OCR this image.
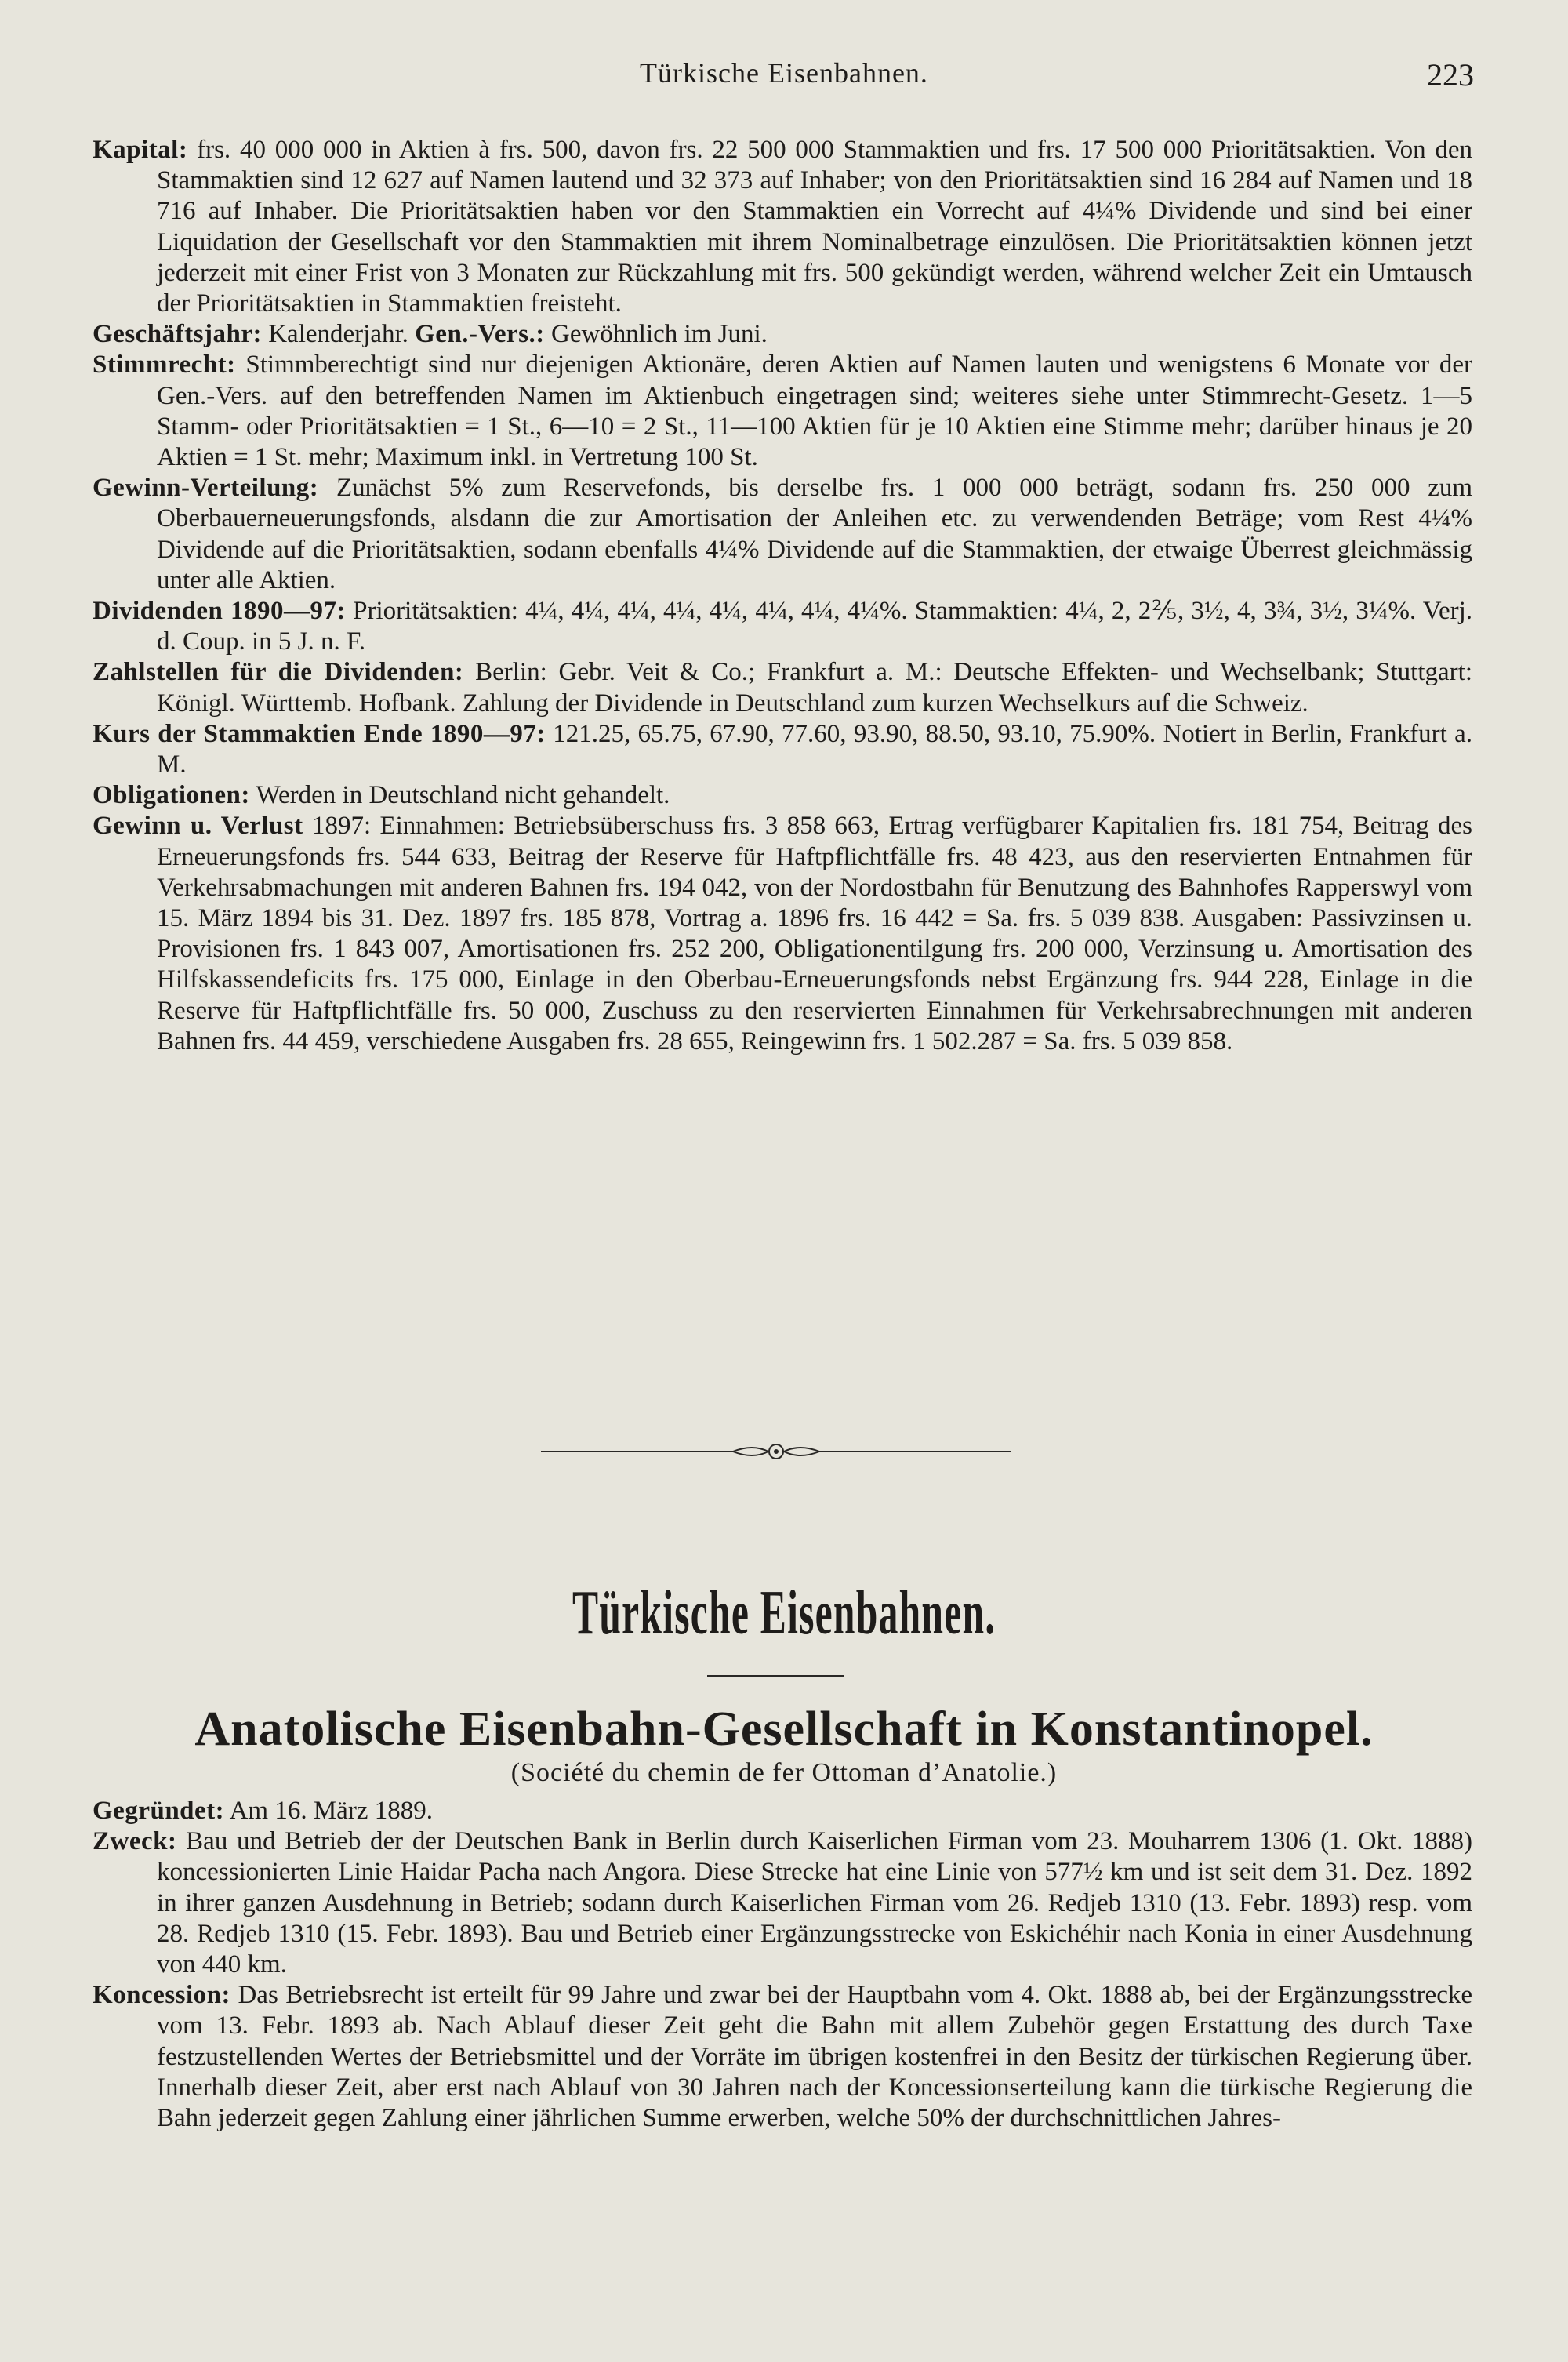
Türkische Eisenbahnen.	223
Kapital: frs. 40 000 000 in Aktien à frs. 500, davon frs. 22 500 000 Stammaktien und frs. 17 500 000 Prioritätsaktien. Von den Stammaktien sind 12 627 auf Namen lautend und 32 373 auf Inhaber; von den Prioritätsaktien sind 16 284 auf Namen und 18 716 auf Inhaber. Die Prioritätsaktien haben vor den Stammaktien ein Vorrecht auf 4¼% Dividende und sind bei einer Liquidation der Gesellschaft vor den Stammaktien mit ihrem Nominalbetrage einzulösen. Die Prioritätsaktien können jetzt jederzeit mit einer Frist von 3 Monaten zur Rückzahlung mit frs. 500 gekündigt werden, während welcher Zeit ein Umtausch der Prioritätsaktien in Stammaktien freisteht.
Geschäftsjahr: Kalenderjahr. Gen.-Vers.: Gewöhnlich im Juni.
Stimmrecht: Stimmberechtigt sind nur diejenigen Aktionäre, deren Aktien auf Namen lauten und wenigstens 6 Monate vor der Gen.-Vers. auf den betreffenden Namen im Aktienbuch eingetragen sind; weiteres siehe unter Stimmrecht-Gesetz. 1—5 Stamm- oder Prioritätsaktien = 1 St., 6—10 = 2 St., 11—100 Aktien für je 10 Aktien eine Stimme mehr; darüber hinaus je 20 Aktien = 1 St. mehr; Maximum inkl. in Vertretung 100 St.
Gewinn-Verteilung: Zunächst 5% zum Reservefonds, bis derselbe frs. 1 000 000 beträgt, sodann frs. 250 000 zum Oberbauerneuerungsfonds, alsdann die zur Amortisation der Anleihen etc. zu verwendenden Beträge; vom Rest 4¼% Dividende auf die Prioritätsaktien, sodann ebenfalls 4¼% Dividende auf die Stammaktien, der etwaige Überrest gleichmässig unter alle Aktien.
Dividenden 1890—97: Prioritätsaktien: 4¼, 4¼, 4¼, 4¼, 4¼, 4¼, 4¼, 4¼%. Stammaktien: 4¼, 2, 2⅖, 3½, 4, 3¾, 3½, 3¼%. Verj. d. Coup. in 5 J. n. F.
Zahlstellen für die Dividenden: Berlin: Gebr. Veit & Co.; Frankfurt a. M.: Deutsche Effekten- und Wechselbank; Stuttgart: Königl. Württemb. Hofbank. Zahlung der Dividende in Deutschland zum kurzen Wechselkurs auf die Schweiz.
Kurs der Stammaktien Ende 1890—97: 121.25, 65.75, 67.90, 77.60, 93.90, 88.50, 93.10, 75.90%. Notiert in Berlin, Frankfurt a. M.
Obligationen: Werden in Deutschland nicht gehandelt.
Gewinn u. Verlust 1897: Einnahmen: Betriebsüberschuss frs. 3 858 663, Ertrag verfügbarer Kapitalien frs. 181 754, Beitrag des Erneuerungsfonds frs. 544 633, Beitrag der Reserve für Haftpflichtfälle frs. 48 423, aus den reservierten Entnahmen für Verkehrsabmachungen mit anderen Bahnen frs. 194 042, von der Nordostbahn für Benutzung des Bahnhofes Rapperswyl vom 15. März 1894 bis 31. Dez. 1897 frs. 185 878, Vortrag a. 1896 frs. 16 442 = Sa. frs. 5 039 838. Ausgaben: Passivzinsen u. Provisionen frs. 1 843 007, Amortisationen frs. 252 200, Obligationentilgung frs. 200 000, Verzinsung u. Amortisation des Hilfskassendeficits frs. 175 000, Einlage in den Oberbau-Erneuerungsfonds nebst Ergänzung frs. 944 228, Einlage in die Reserve für Haftpflichtfälle frs. 50 000, Zuschuss zu den reservierten Einnahmen für Verkehrsabrechnungen mit anderen Bahnen frs. 44 459, verschiedene Ausgaben frs. 28 655, Reingewinn frs. 1 502.287 = Sa. frs. 5 039 858.
Türkische Eisenbahnen.
Anatolische Eisenbahn-Gesellschaft in Konstantinopel.
(Société du chemin de fer Ottoman d’Anatolie.)
Gegründet: Am 16. März 1889.
Zweck: Bau und Betrieb der der Deutschen Bank in Berlin durch Kaiserlichen Firman vom 23. Mouharrem 1306 (1. Okt. 1888) koncessionierten Linie Haidar Pacha nach Angora. Diese Strecke hat eine Linie von 577½ km und ist seit dem 31. Dez. 1892 in ihrer ganzen Ausdehnung in Betrieb; sodann durch Kaiserlichen Firman vom 26. Redjeb 1310 (13. Febr. 1893) resp. vom 28. Redjeb 1310 (15. Febr. 1893). Bau und Betrieb einer Ergänzungsstrecke von Eskichéhir nach Konia in einer Ausdehnung von 440 km.
Koncession: Das Betriebsrecht ist erteilt für 99 Jahre und zwar bei der Hauptbahn vom 4. Okt. 1888 ab, bei der Ergänzungsstrecke vom 13. Febr. 1893 ab. Nach Ablauf dieser Zeit geht die Bahn mit allem Zubehör gegen Erstattung des durch Taxe festzustellenden Wertes der Betriebsmittel und der Vorräte im übrigen kostenfrei in den Besitz der türkischen Regierung über. Innerhalb dieser Zeit, aber erst nach Ablauf von 30 Jahren nach der Koncessionserteilung kann die türkische Regierung die Bahn jederzeit gegen Zahlung einer jährlichen Summe erwerben, welche 50% der durchschnittlichen Jahres-
